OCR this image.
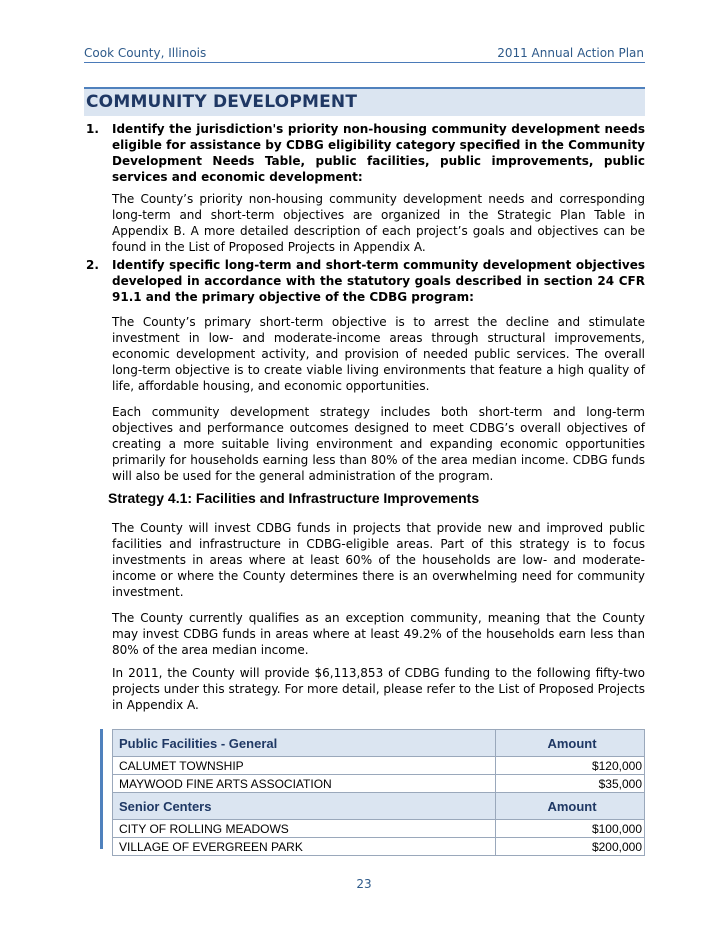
Cook County, Illinois	2011 Annual Action Plan
COMMUNITY DEVELOPMENT
1. Identify the jurisdiction's priority non-housing community development needs eligible for assistance by CDBG eligibility category specified in the Community Development Needs Table, public facilities, public improvements, public services and economic development:
The County’s priority non-housing community development needs and corresponding long-term and short-term objectives are organized in the Strategic Plan Table in Appendix B. A more detailed description of each project’s goals and objectives can be found in the List of Proposed Projects in Appendix A.
2. Identify specific long-term and short-term community development objectives developed in accordance with the statutory goals described in section 24 CFR 91.1 and the primary objective of the CDBG program:
The County’s primary short-term objective is to arrest the decline and stimulate investment in low- and moderate-income areas through structural improvements, economic development activity, and provision of needed public services. The overall long-term objective is to create viable living environments that feature a high quality of life, affordable housing, and economic opportunities.
Each community development strategy includes both short-term and long-term objectives and performance outcomes designed to meet CDBG’s overall objectives of creating a more suitable living environment and expanding economic opportunities primarily for households earning less than 80% of the area median income. CDBG funds will also be used for the general administration of the program.
Strategy 4.1: Facilities and Infrastructure Improvements
The County will invest CDBG funds in projects that provide new and improved public facilities and infrastructure in CDBG-eligible areas. Part of this strategy is to focus investments in areas where at least 60% of the households are low- and moderate-income or where the County determines there is an overwhelming need for community investment.
The County currently qualifies as an exception community, meaning that the County may invest CDBG funds in areas where at least 49.2% of the households earn less than 80% of the area median income.
In 2011, the County will provide $6,113,853 of CDBG funding to the following fifty-two projects under this strategy. For more detail, please refer to the List of Proposed Projects in Appendix A.
Public Facilities - General	Amount
CALUMET TOWNSHIP	$120,000
MAYWOOD FINE ARTS ASSOCIATION	$35,000
Senior Centers	Amount
CITY OF ROLLING MEADOWS	$100,000
VILLAGE OF EVERGREEN PARK	$200,000
23
